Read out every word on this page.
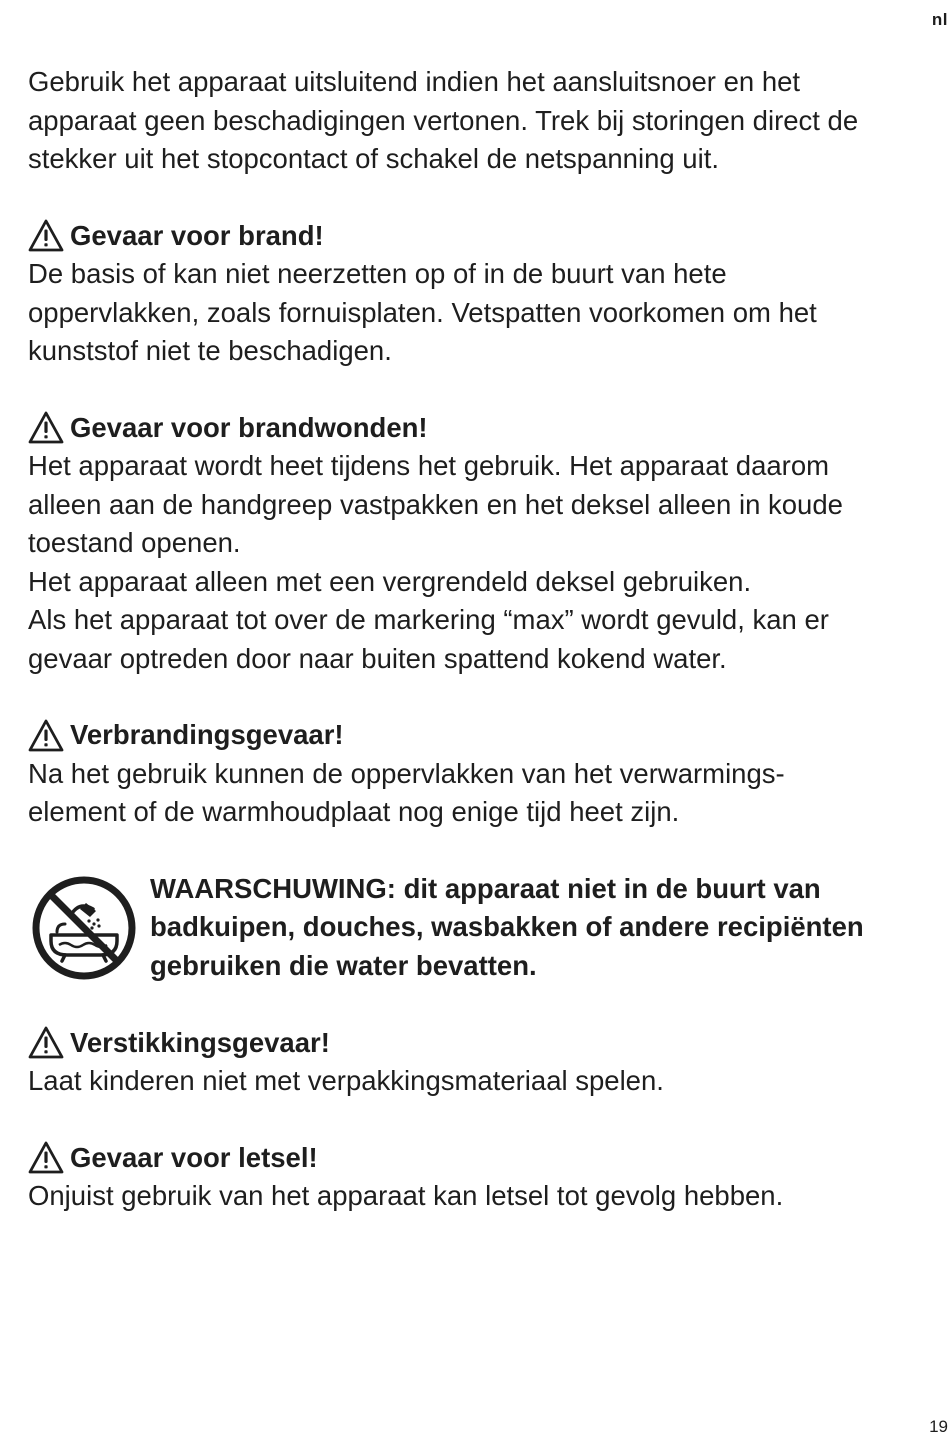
nl

Gebruik het apparaat uitsluitend indien het aansluitsnoer en het
apparaat geen beschadigingen vertonen. Trek bij storingen direct de
stekker uit het stopcontact of schakel de netspanning uit.

Gevaar voor brand!

De basis of kan niet neerzetten op of in de buurt van hete
oppervlakken, zoals fornuisplaten. Vetspatten voorkomen om het
kunststof niet te beschadigen.

Gevaar voor brandwonden!

Het apparaat wordt heet tijdens het gebruik. Het apparaat daarom
alleen aan de handgreep vastpakken en het deksel alleen in koude
toestand openen.
Het apparaat alleen met een vergrendeld deksel gebruiken.
Als het apparaat tot over de markering “max” wordt gevuld, kan er
gevaar optreden door naar buiten spattend kokend water.

Verbrandingsgevaar!

Na het gebruik kunnen de oppervlakken van het verwarmings-
element of de warmhoudplaat nog enige tijd heet zijn.

WAARSCHUWING: dit apparaat niet in de buurt van
badkuipen, douches, wasbakken of andere recipiënten
gebruiken die water bevatten.

Verstikkingsgevaar!

Laat kinderen niet met verpakkingsmateriaal spelen.

Gevaar voor letsel!

Onjuist gebruik van het apparaat kan letsel tot gevolg hebben.

19
